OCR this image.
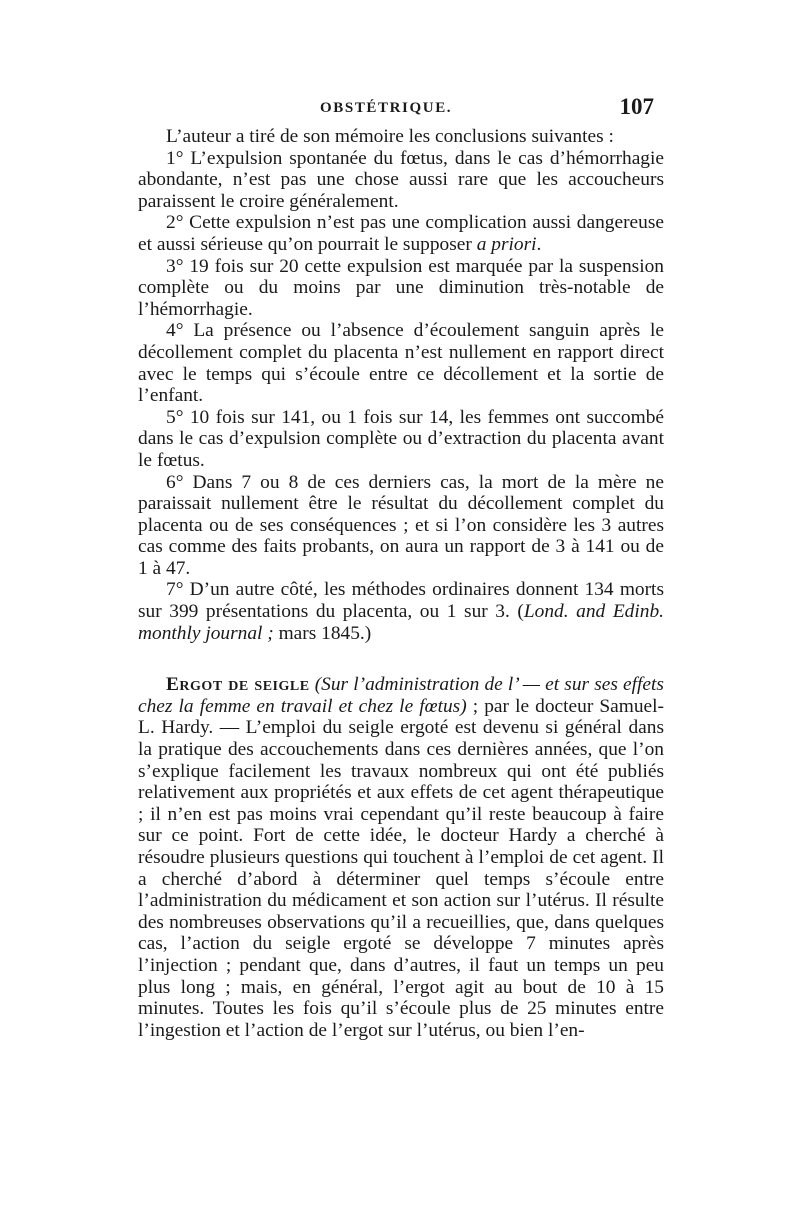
OBSTÉTRIQUE.	107

L’auteur a tiré de son mémoire les conclusions suivantes :

1° L’expulsion spontanée du fœtus, dans le cas d’hémorrhagie abondante, n’est pas une chose aussi rare que les accoucheurs paraissent le croire généralement.

2° Cette expulsion n’est pas une complication aussi dangereuse et aussi sérieuse qu’on pourrait le supposer a priori.

3° 19 fois sur 20 cette expulsion est marquée par la suspension complète ou du moins par une diminution très-notable de l’hémorrhagie.

4° La présence ou l’absence d’écoulement sanguin après le décollement complet du placenta n’est nullement en rapport direct avec le temps qui s’écoule entre ce décollement et la sortie de l’enfant.

5° 10 fois sur 141, ou 1 fois sur 14, les femmes ont succombé dans le cas d’expulsion complète ou d’extraction du placenta avant le fœtus.

6° Dans 7 ou 8 de ces derniers cas, la mort de la mère ne paraissait nullement être le résultat du décollement complet du placenta ou de ses conséquences ; et si l’on considère les 3 autres cas comme des faits probants, on aura un rapport de 3 à 141 ou de 1 à 47.

7° D’un autre côté, les méthodes ordinaires donnent 134 morts sur 399 présentations du placenta, ou 1 sur 3. (Lond. and Edinb. monthly journal ; mars 1845.)

Ergot de seigle (Sur l’administration de l’ — et sur ses effets chez la femme en travail et chez le fœtus) ; par le docteur Samuel-L. Hardy. — L’emploi du seigle ergoté est devenu si général dans la pratique des accouchements dans ces dernières années, que l’on s’explique facilement les travaux nombreux qui ont été publiés relativement aux propriétés et aux effets de cet agent thérapeutique ; il n’en est pas moins vrai cependant qu’il reste beaucoup à faire sur ce point. Fort de cette idée, le docteur Hardy a cherché à résoudre plusieurs questions qui touchent à l’emploi de cet agent. Il a cherché d’abord à déterminer quel temps s’écoule entre l’administration du médicament et son action sur l’utérus. Il résulte des nombreuses observations qu’il a recueillies, que, dans quelques cas, l’action du seigle ergoté se développe 7 minutes après l’injection ; pendant que, dans d’autres, il faut un temps un peu plus long ; mais, en général, l’ergot agit au bout de 10 à 15 minutes. Toutes les fois qu’il s’écoule plus de 25 minutes entre l’ingestion et l’action de l’ergot sur l’utérus, ou bien l’en-
